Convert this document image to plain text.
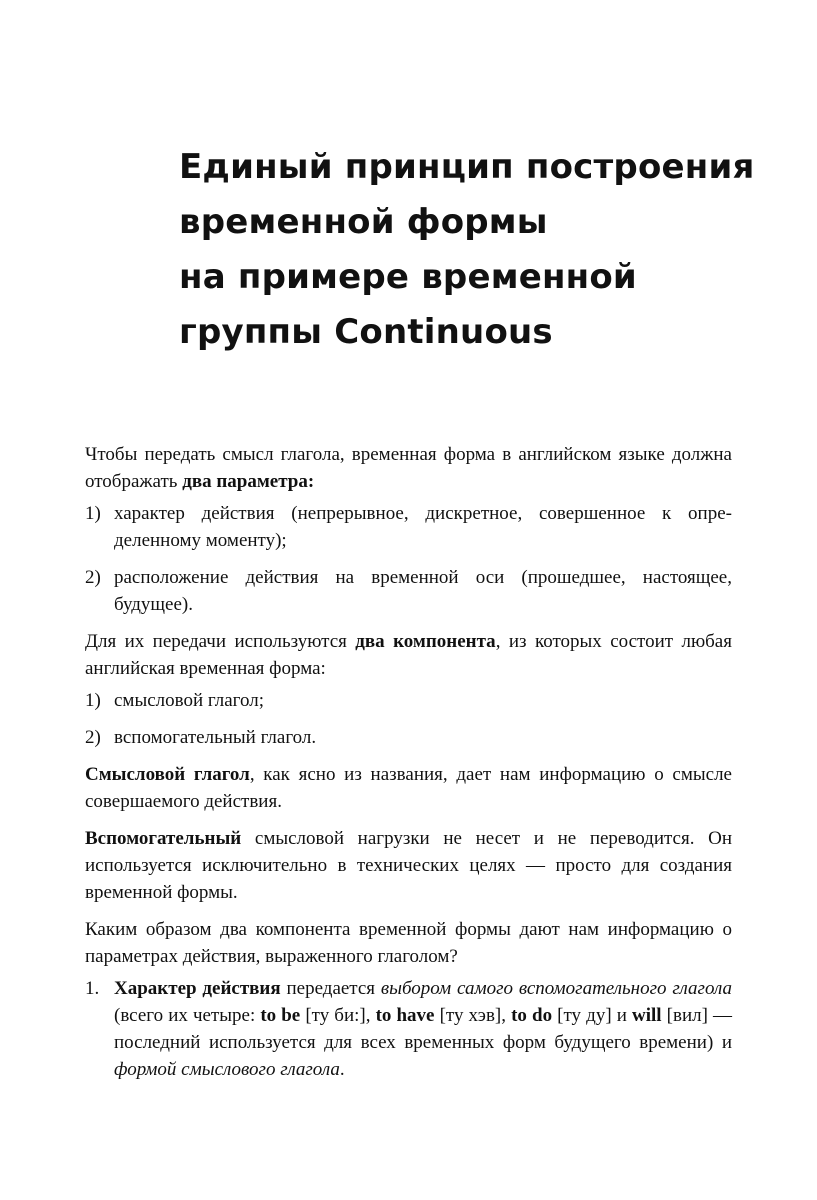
Единый принцип построения
временной формы
на примере временной
группы Continuous

Чтобы передать смысл глагола, временная форма в английском языке должна отображать два параметра:

1) характер действия (непрерывное, дискретное, совершенное к определенному моменту);
2) расположение действия на временной оси (прошедшее, настоящее, будущее).

Для их передачи используются два компонента, из которых состоит любая английская временная форма:

1) смысловой глагол;
2) вспомогательный глагол.

Смысловой глагол, как ясно из названия, дает нам информацию о смысле совершаемого действия.

Вспомогательный смысловой нагрузки не несет и не переводится. Он используется исключительно в технических целях — просто для создания временной формы.

Каким образом два компонента временной формы дают нам информацию о параметрах действия, выраженного глаголом?

1. Характер действия передается выбором самого вспомогательного глагола (всего их четыре: to be [ту би:], to have [ту хэв], to do [ту ду] и will [вил] — последний используется для всех временных форм будущего времени) и формой смыслового глагола.
